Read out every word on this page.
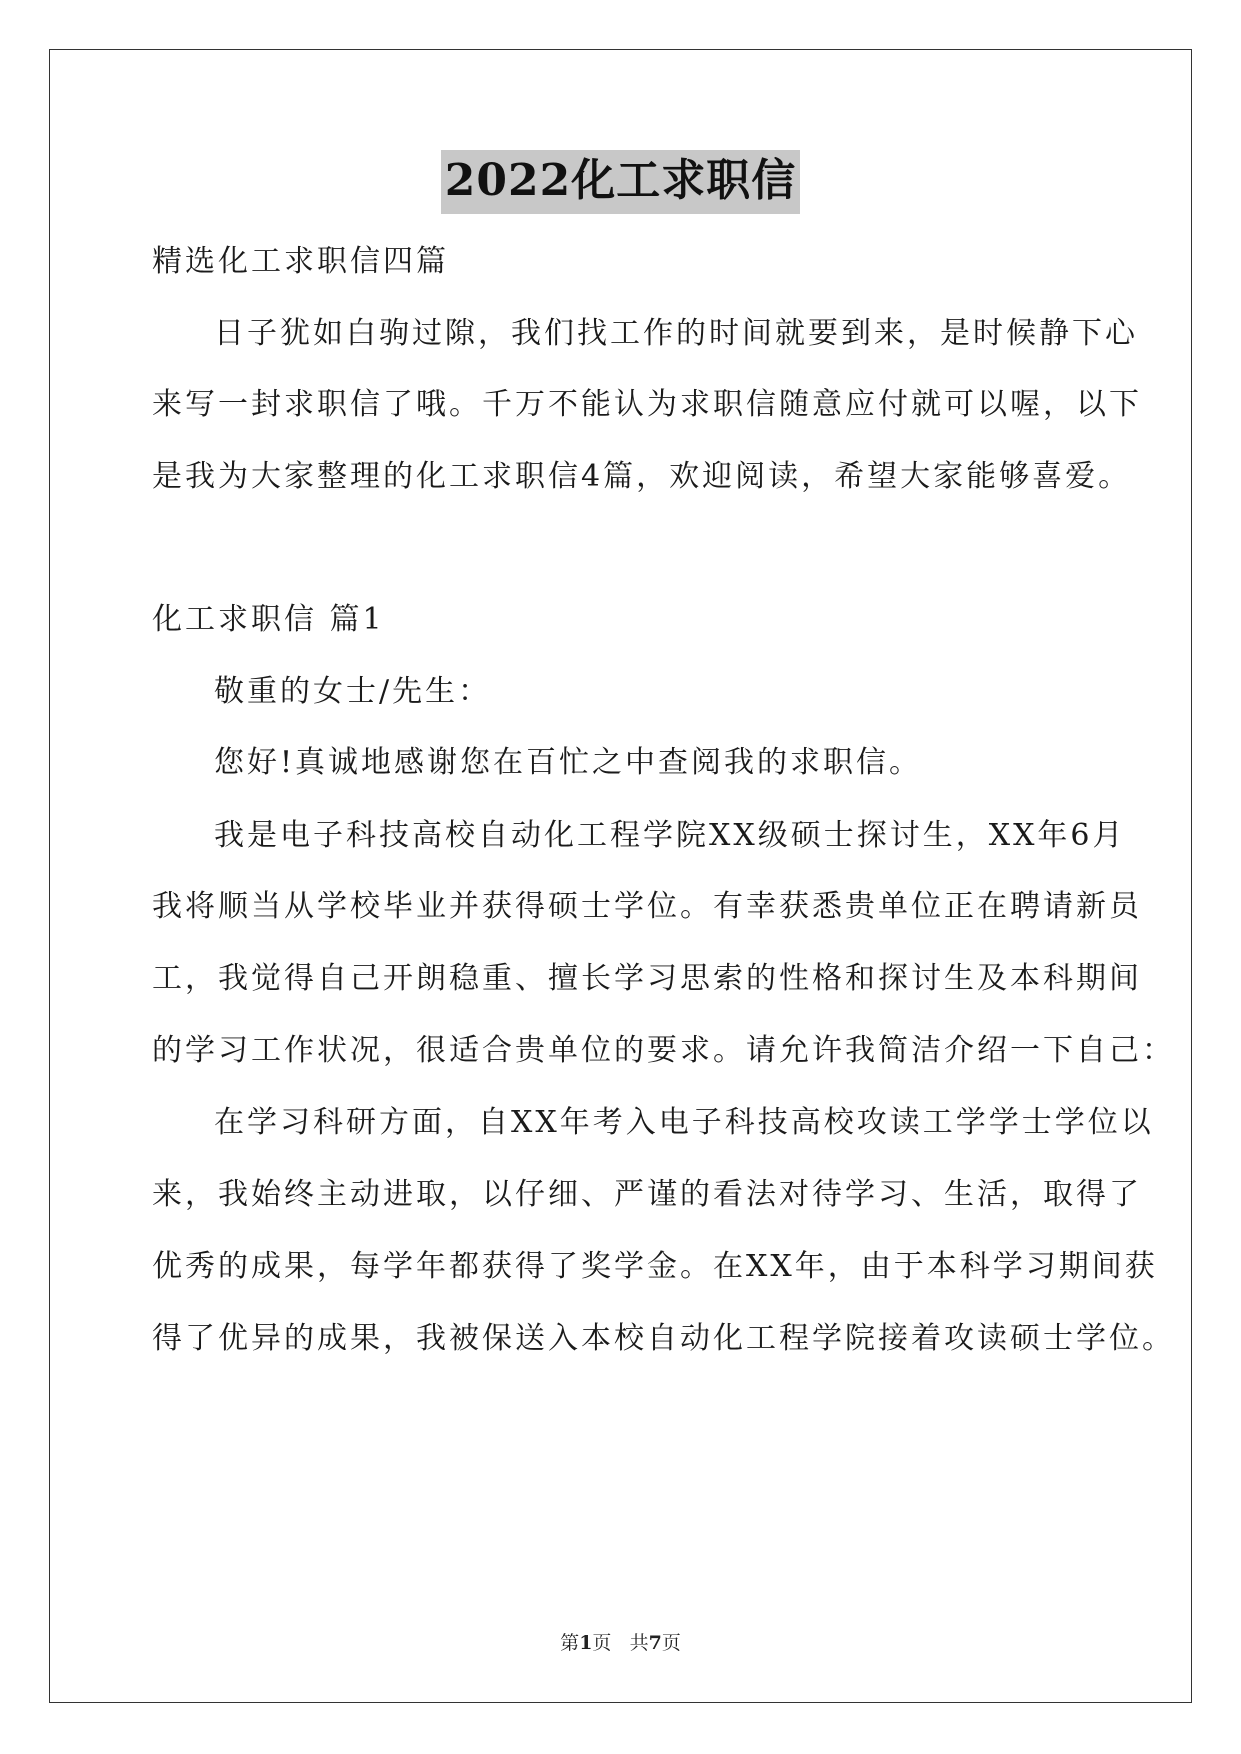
2022化工求职信
精选化工求职信四篇
日子犹如白驹过隙，我们找工作的时间就要到来，是时候静下心
来写一封求职信了哦。千万不能认为求职信随意应付就可以喔，以下
是我为大家整理的化工求职信4篇，欢迎阅读，希望大家能够喜爱。
化工求职信 篇1
敬重的女士/先生：
您好!真诚地感谢您在百忙之中查阅我的求职信。
我是电子科技高校自动化工程学院XX级硕士探讨生，XX年6月
我将顺当从学校毕业并获得硕士学位。有幸获悉贵单位正在聘请新员
工，我觉得自己开朗稳重、擅长学习思索的性格和探讨生及本科期间
的学习工作状况，很适合贵单位的要求。请允许我简洁介绍一下自己：
在学习科研方面，自XX年考入电子科技高校攻读工学学士学位以
来，我始终主动进取，以仔细、严谨的看法对待学习、生活，取得了
优秀的成果，每学年都获得了奖学金。在XX年，由于本科学习期间获
得了优异的成果，我被保送入本校自动化工程学院接着攻读硕士学位。
第1页 共7页
